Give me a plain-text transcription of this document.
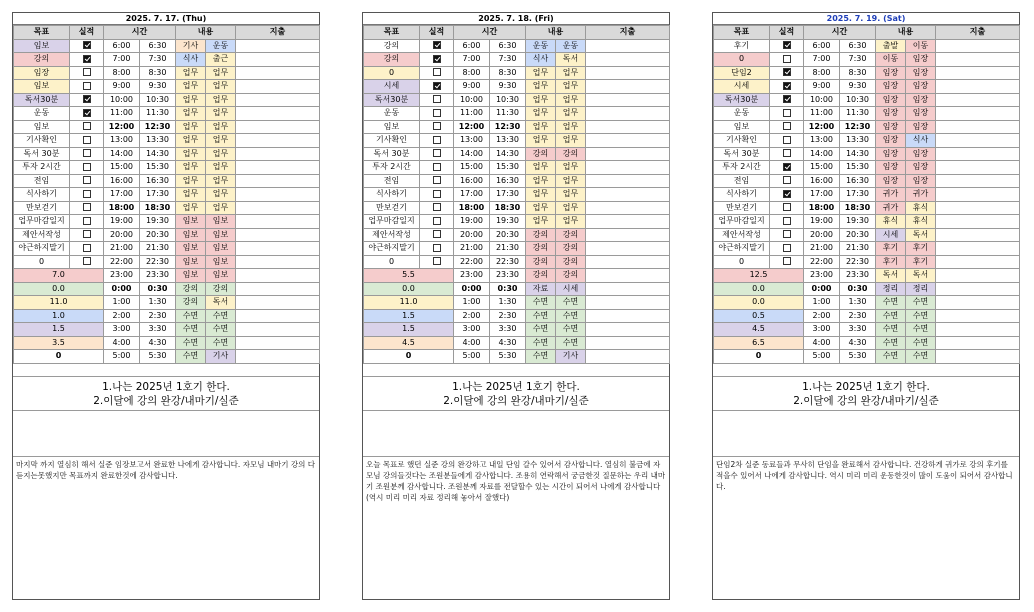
2025. 7. 17. (Thu)
목표	실적	시간		내용		지출
임보		6:00	6:30	기사	운동	
강의		7:00	7:30	식사	출근	
임장		8:00	8:30	업무	업무	
임보		9:00	9:30	업무	업무	
독서30분		10:00	10:30	업무	업무	
운동		11:00	11:30	업무	업무	
임보		12:00	12:30	업무	업무	
기사확인		13:00	13:30	업무	업무	
독서 30분		14:00	14:30	업무	업무	
투자 2시간		15:00	15:30	업무	업무	
전임		16:00	16:30	업무	업무	
식사하기		17:00	17:30	업무	업무	
만보걷기		18:00	18:30	업무	업무	
업무마감일지		19:00	19:30	임보	임보	
제안서작성		20:00	20:30	임보	임보	
야근하지말기		21:00	21:30	임보	임보	
0		22:00	22:30	임보	임보	
7.0		23:00	23:30	임보	임보	
0.0		0:00	0:30	강의	강의	
11.0		1:00	1:30	강의	독서	
1.0		2:00	2:30	수면	수면	
1.5		3:00	3:30	수면	수면	
3.5		4:00	4:30	수면	수면	
0		5:00	5:30	수면	기사	
1.나는 2025년 1호기 한다.
2.이달에 강의 완강/내마기/실준
마지막 까지 열심히 해서 실준 임장보고서 완료한 나에게 감사합니다. 자모님 내마기 강의 다 듣지는못했지만 목표까지 완료한것에 감사합니다.
2025. 7. 18. (Fri)
목표	실적	시간		내용		지출
강의		6:00	6:30	운동	운동	
강의		7:00	7:30	식사	독서	
0		8:00	8:30	업무	업무	
시세		9:00	9:30	업무	업무	
독서30분		10:00	10:30	업무	업무	
운동		11:00	11:30	업무	업무	
임보		12:00	12:30	업무	업무	
기사확인		13:00	13:30	업무	업무	
독서 30분		14:00	14:30	강의	강의	
투자 2시간		15:00	15:30	업무	업무	
전임		16:00	16:30	업무	업무	
식사하기		17:00	17:30	업무	업무	
만보걷기		18:00	18:30	업무	업무	
업무마감일지		19:00	19:30	업무	업무	
제안서작성		20:00	20:30	강의	강의	
야근하지말기		21:00	21:30	강의	강의	
0		22:00	22:30	강의	강의	
5.5		23:00	23:30	강의	강의	
0.0		0:00	0:30	자료	시세	
11.0		1:00	1:30	수면	수면	
1.5		2:00	2:30	수면	수면	
1.5		3:00	3:30	수면	수면	
4.5		4:00	4:30	수면	수면	
0		5:00	5:30	수면	기사	
1.나는 2025년 1호기 한다.
2.이달에 강의 완강/내마기/실준
오늘 목표로 했던 실준 강의 완강하고 내일 단임 갈수 있어서 감사합니다. 열심히 불금에 자모님 강의들것다는 조원분들에게 감사합니다. 조용히 연락해서 궁금한것 질문하는 우리 내마기 조원분께 감사합니다. 조원분께 자료를 전달할수 있는 시간이 되어서 나에게 감사합니다(역시 미리 미리 자료 정리해 놓아서 잘했다)
2025. 7. 19. (Sat)
목표	실적	시간		내용		지출
후기		6:00	6:30	출발	이동	
0		7:00	7:30	이동	임장	
단임2		8:00	8:30	임장	임장	
시세		9:00	9:30	임장	임장	
독서30분		10:00	10:30	임장	임장	
운동		11:00	11:30	임장	임장	
임보		12:00	12:30	임장	임장	
기사확인		13:00	13:30	임장	식사	
독서 30분		14:00	14:30	임장	임장	
투자 2시간		15:00	15:30	임장	임장	
전임		16:00	16:30	임장	임장	
식사하기		17:00	17:30	귀가	귀가	
만보걷기		18:00	18:30	귀가	휴식	
업무마감일지		19:00	19:30	휴식	휴식	
제안서작성		20:00	20:30	시세	독서	
야근하지말기		21:00	21:30	후기	후기	
0		22:00	22:30	후기	후기	
12.5		23:00	23:30	독서	독서	
0.0		0:00	0:30	정리	정리	
0.0		1:00	1:30	수면	수면	
0.5		2:00	2:30	수면	수면	
4.5		3:00	3:30	수면	수면	
6.5		4:00	4:30	수면	수면	
0		5:00	5:30	수면	수면	
1.나는 2025년 1호기 한다.
2.이달에 강의 완강/내마기/실준
단임2차 실준 동료들과 무사히 단임을 완료해서 감사합니다. 건강하게 귀가로 강의 후기를 적을수 있어서 나에게 감사합니다. 역시 미리 미리 운동한것이 많이 도움이 되어서 감사합니다.
